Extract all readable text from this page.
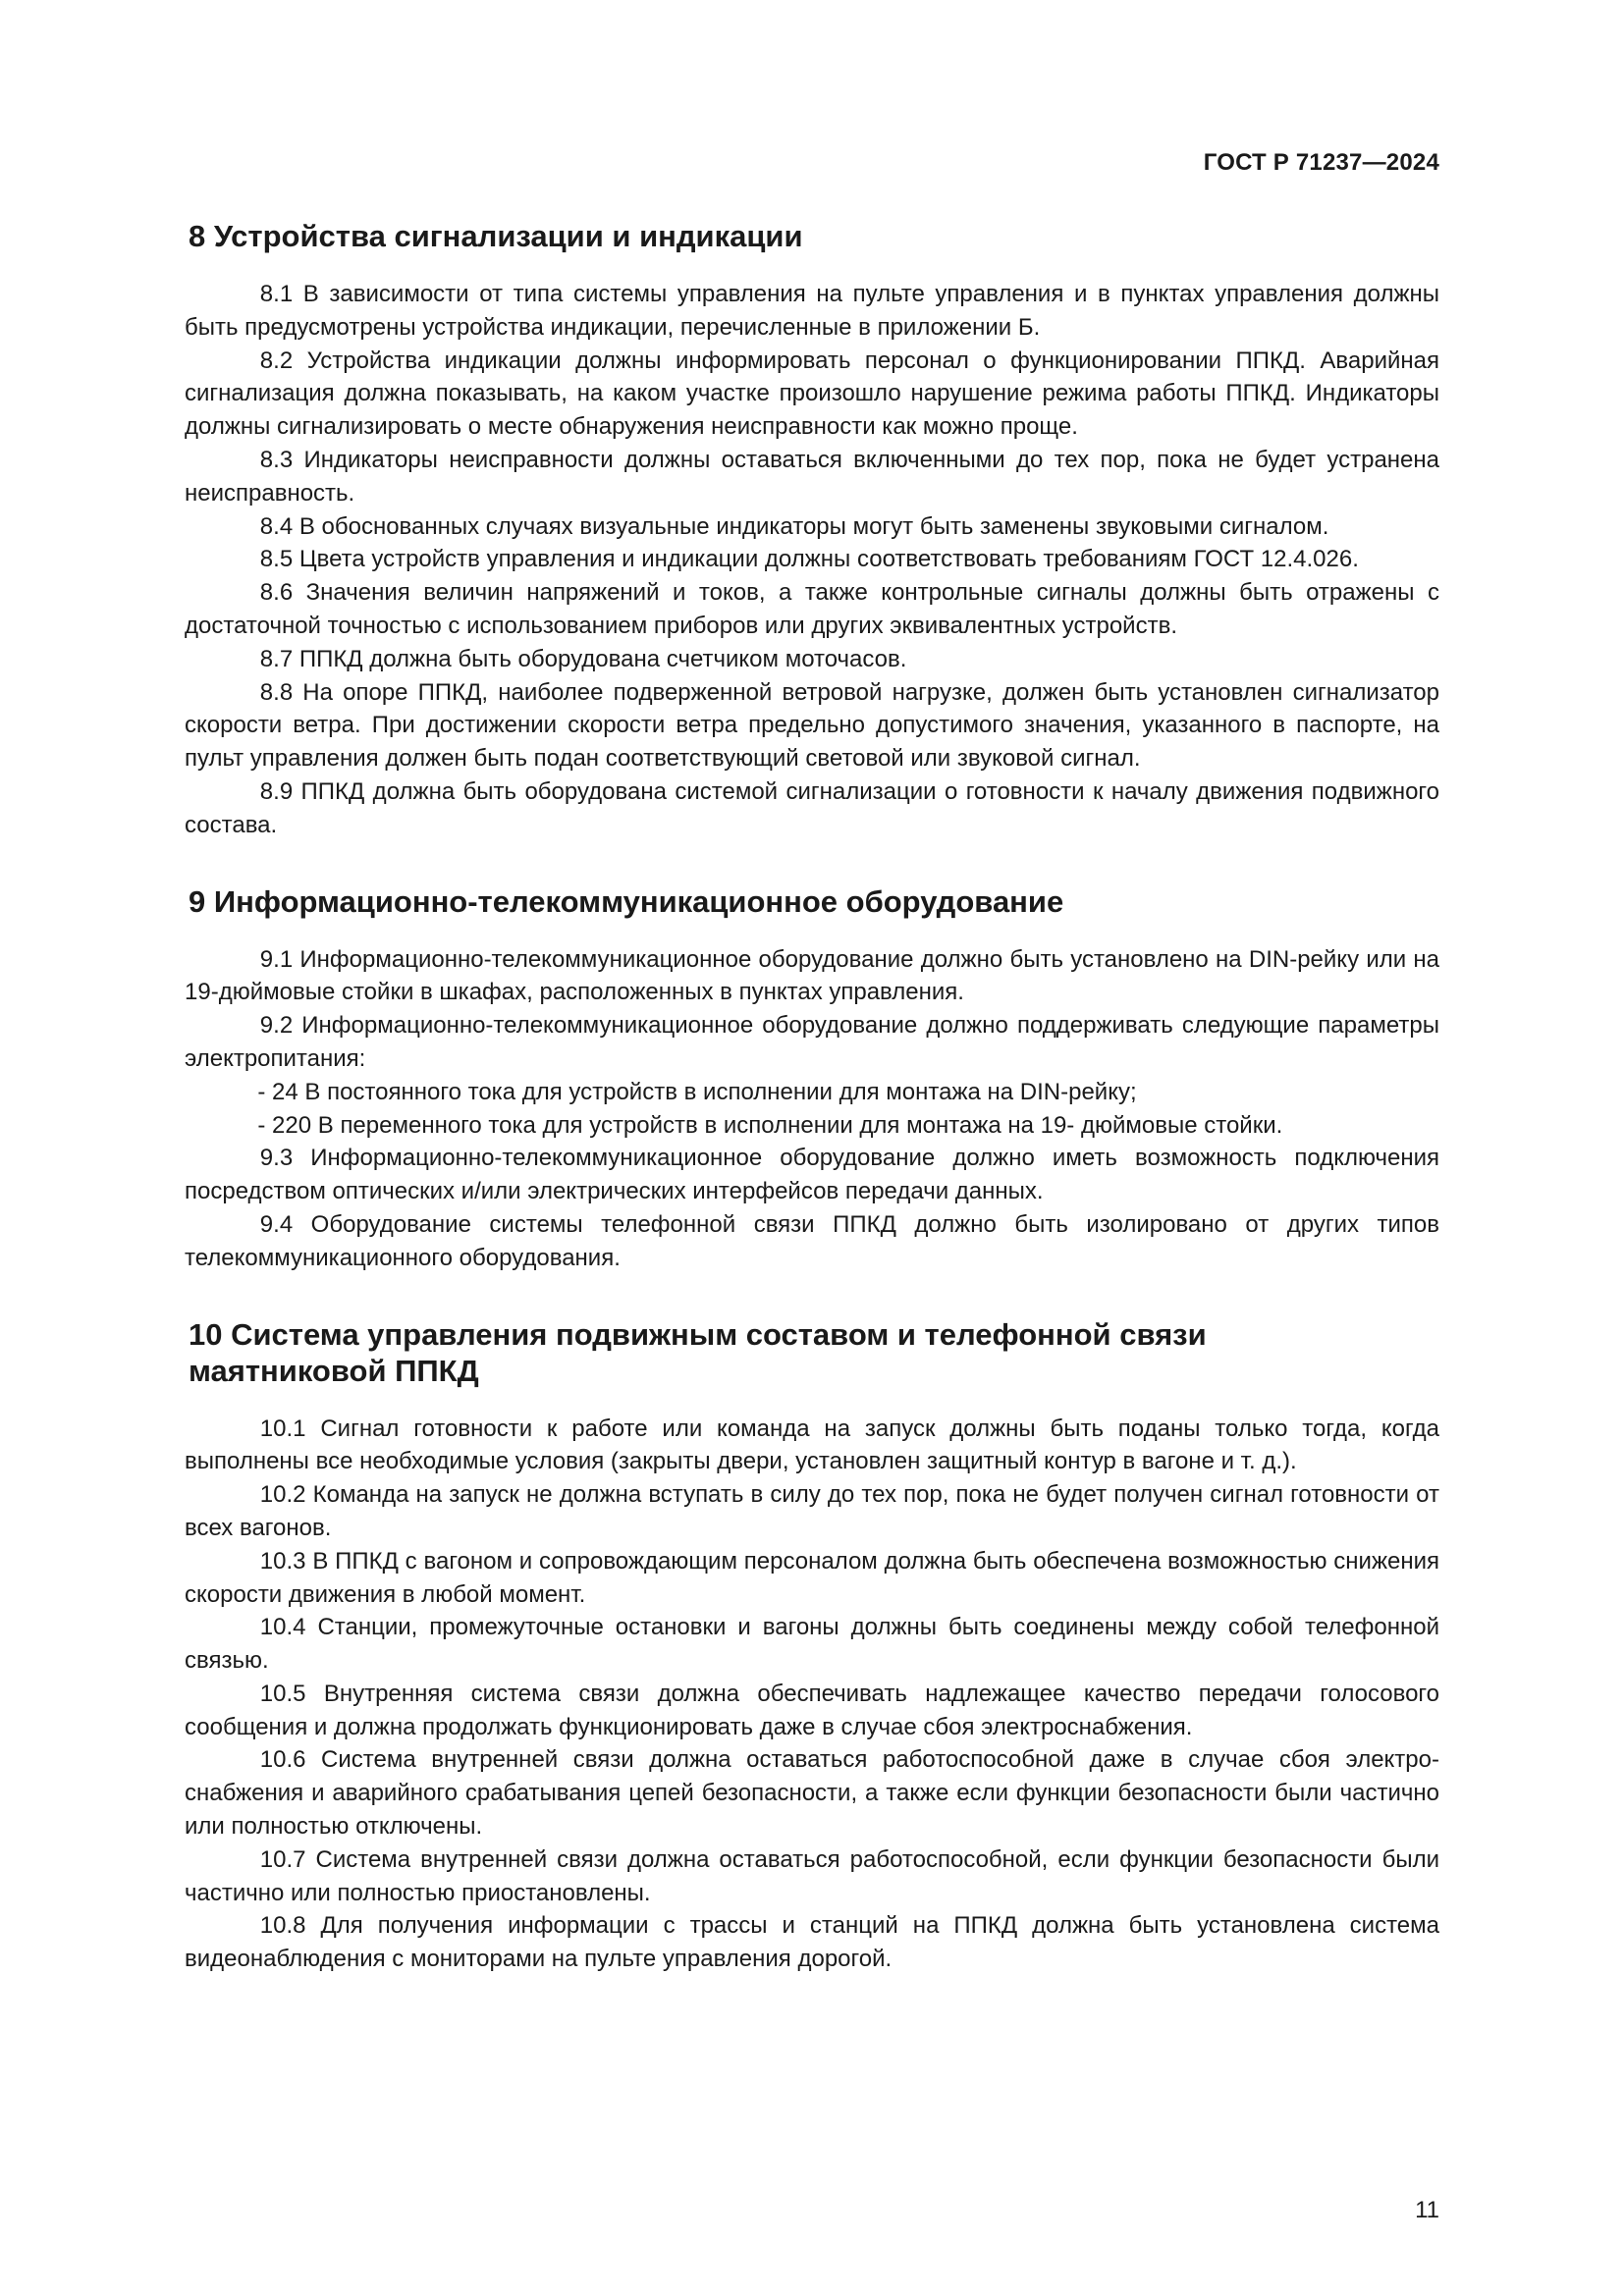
ГОСТ Р 71237—2024
8 Устройства сигнализации и индикации

8.1 В зависимости от типа системы управления на пульте управления и в пунктах управления должны быть предусмотрены устройства индикации, перечисленные в приложении Б.

8.2 Устройства индикации должны информировать персонал о функционировании ППКД. Аварийная сигнализация должна показывать, на каком участке произошло нарушение режима работы ППКД. Индикаторы должны сигнализировать о месте обнаружения неисправности как можно проще.

8.3 Индикаторы неисправности должны оставаться включенными до тех пор, пока не будет устранена неисправность.

8.4 В обоснованных случаях визуальные индикаторы могут быть заменены звуковыми сигналом.

8.5 Цвета устройств управления и индикации должны соответствовать требованиям ГОСТ 12.4.026.

8.6 Значения величин напряжений и токов, а также контрольные сигналы должны быть отражены с достаточной точностью с использованием приборов или других эквивалентных устройств.

8.7 ППКД должна быть оборудована счетчиком моточасов.

8.8 На опоре ППКД, наиболее подверженной ветровой нагрузке, должен быть установлен сигнализатор скорости ветра. При достижении скорости ветра предельно допустимого значения, указанного в паспорте, на пульт управления должен быть подан соответствующий световой или звуковой сигнал.

8.9 ППКД должна быть оборудована системой сигнализации о готовности к началу движения подвижного состава.

9 Информационно-телекоммуникационное оборудование

9.1 Информационно-телекоммуникационное оборудование должно быть установлено на DIN-рейку или на 19-дюймовые стойки в шкафах, расположенных в пунктах управления.

9.2 Информационно-телекоммуникационное оборудование должно поддерживать следующие параметры электропитания:

- 24 В постоянного тока для устройств в исполнении для монтажа на DIN-рейку;

- 220 В переменного тока для устройств в исполнении для монтажа на 19- дюймовые стойки.

9.3 Информационно-телекоммуникационное оборудование должно иметь возможность подключения посредством оптических и/или электрических интерфейсов передачи данных.

9.4 Оборудование системы телефонной связи ППКД должно быть изолировано от других типов телекоммуникационного оборудования.

10 Система управления подвижным составом и телефонной связи
маятниковой ППКД

10.1 Сигнал готовности к работе или команда на запуск должны быть поданы только тогда, когда выполнены все необходимые условия (закрыты двери, установлен защитный контур в вагоне и т. д.).

10.2 Команда на запуск не должна вступать в силу до тех пор, пока не будет получен сигнал готовности от всех вагонов.

10.3 В ППКД с вагоном и сопровождающим персоналом должна быть обеспечена возможностью снижения скорости движения в любой момент.

10.4 Станции, промежуточные остановки и вагоны должны быть соединены между собой телефонной связью.

10.5 Внутренняя система связи должна обеспечивать надлежащее качество передачи голосового сообщения и должна продолжать функционировать даже в случае сбоя электроснабжения.

10.6 Система внутренней связи должна оставаться работоспособной даже в случае сбоя электроснабжения и аварийного срабатывания цепей безопасности, а также если функции безопасности были частично или полностью отключены.

10.7 Система внутренней связи должна оставаться работоспособной, если функции безопасности были частично или полностью приостановлены.

10.8 Для получения информации с трассы и станций на ППКД должна быть установлена система видеонаблюдения с мониторами на пульте управления дорогой.

11
